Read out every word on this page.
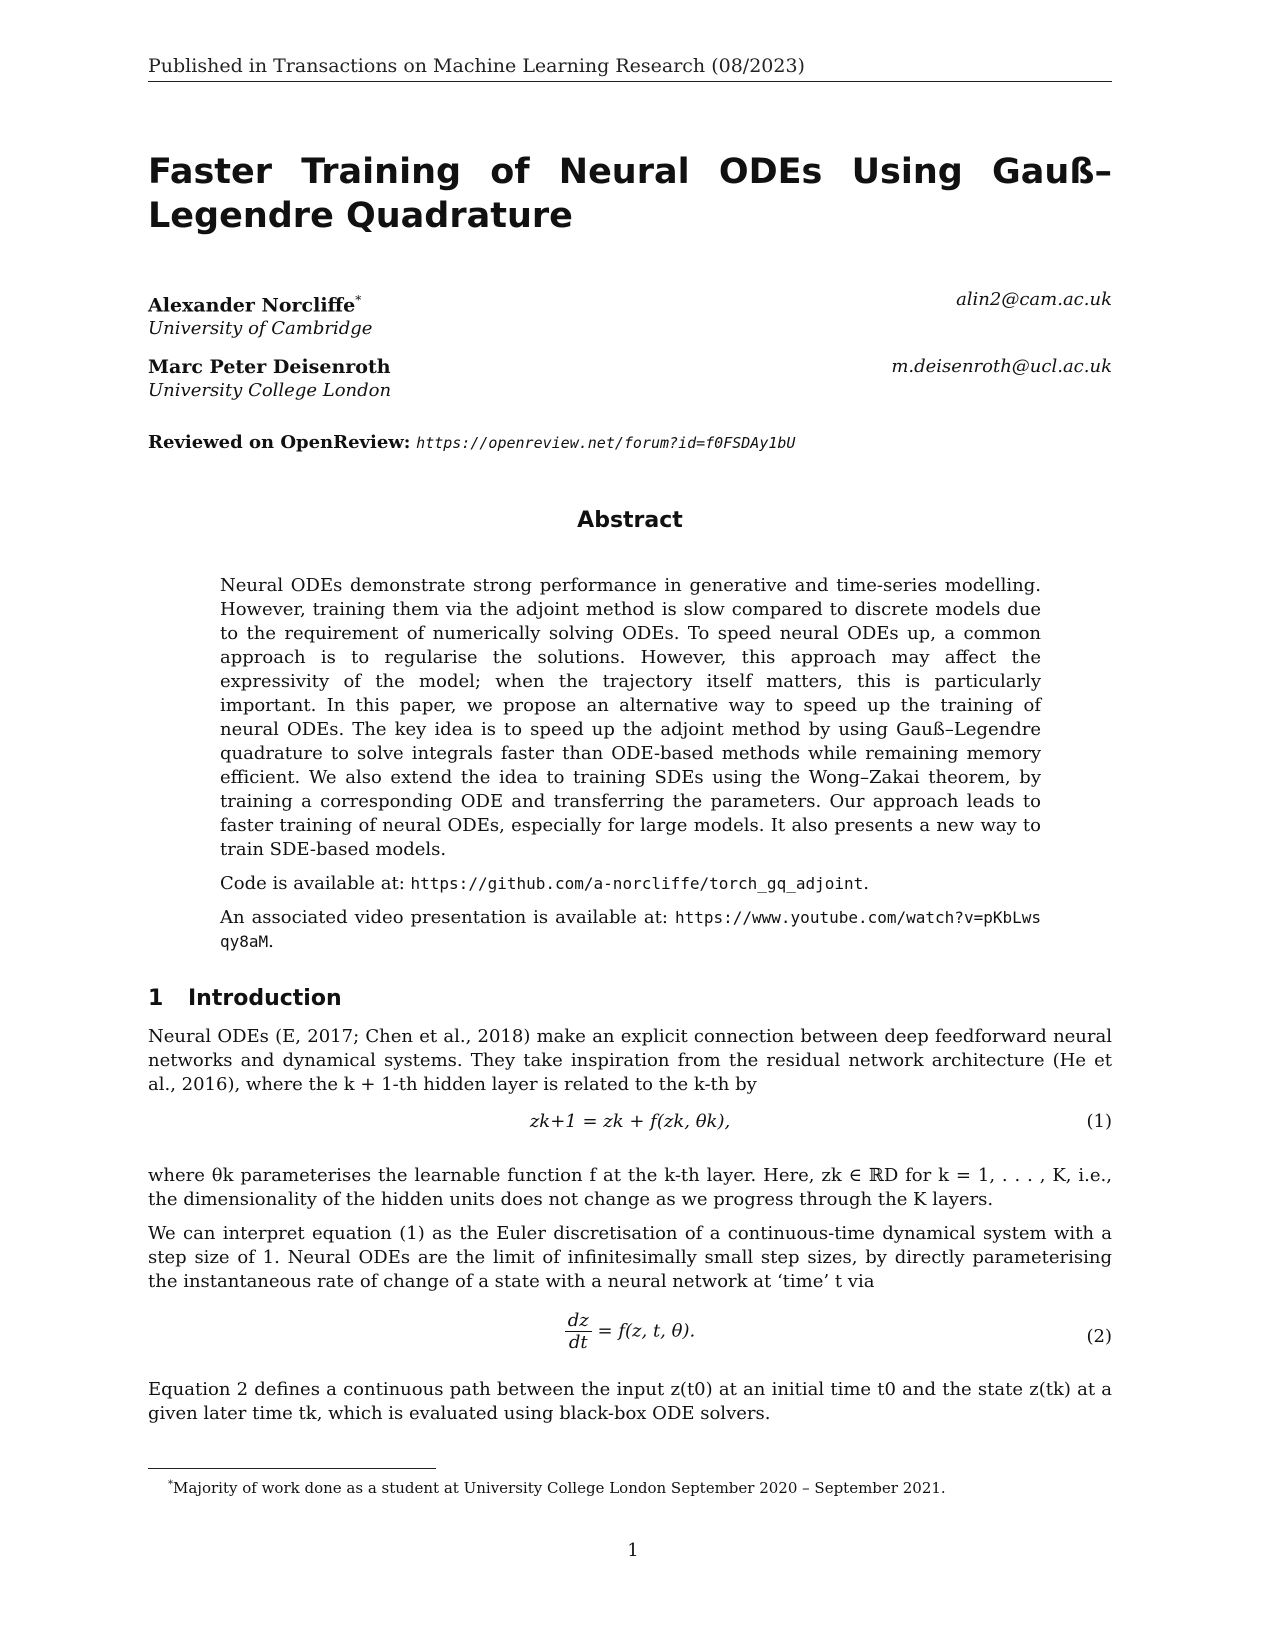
Published in Transactions on Machine Learning Research (08/2023)
Faster Training of Neural ODEs Using Gauß–Legendre Quadrature
Alexander Norcliffe*
University of Cambridge
alin2@cam.ac.uk
Marc Peter Deisenroth
University College London
m.deisenroth@ucl.ac.uk
Reviewed on OpenReview: https://openreview.net/forum?id=f0FSDAy1bU
Abstract

Neural ODEs demonstrate strong performance in generative and time-series modelling. However, training them via the adjoint method is slow compared to discrete models due to the requirement of numerically solving ODEs. To speed neural ODEs up, a common approach is to regularise the solutions. However, this approach may affect the expressivity of the model; when the trajectory itself matters, this is particularly important. In this paper, we propose an alternative way to speed up the training of neural ODEs. The key idea is to speed up the adjoint method by using Gauß–Legendre quadrature to solve integrals faster than ODE-based methods while remaining memory efficient. We also extend the idea to training SDEs using the Wong–Zakai theorem, by training a corresponding ODE and transferring the parameters. Our approach leads to faster training of neural ODEs, especially for large models. It also presents a new way to train SDE-based models.

Code is available at: https://github.com/a-norcliffe/torch_gq_adjoint.

An associated video presentation is available at: https://www.youtube.com/watch?v=pKbLwsqy8aM.

1 Introduction

Neural ODEs (E, 2017; Chen et al., 2018) make an explicit connection between deep feedforward neural networks and dynamical systems. They take inspiration from the residual network architecture (He et al., 2016), where the k + 1-th hidden layer is related to the k-th by

zk+1 = zk + f(zk, θk),	(1)

where θk parameterises the learnable function f at the k-th layer. Here, zk ∈ ℝD for k = 1, . . . , K, i.e., the dimensionality of the hidden units does not change as we progress through the K layers.

We can interpret equation (1) as the Euler discretisation of a continuous-time dynamical system with a step size of 1. Neural ODEs are the limit of infinitesimally small step sizes, by directly parameterising the instantaneous rate of change of a state with a neural network at ‘time’ t via

$\frac{dz}{dt} = f(z$, t, θ).	(2)

Equation 2 defines a continuous path between the input z(t0) at an initial time t0 and the state z(tk) at a given later time tk, which is evaluated using black-box ODE solvers.

*Majority of work done as a student at University College London September 2020 – September 2021.
1
